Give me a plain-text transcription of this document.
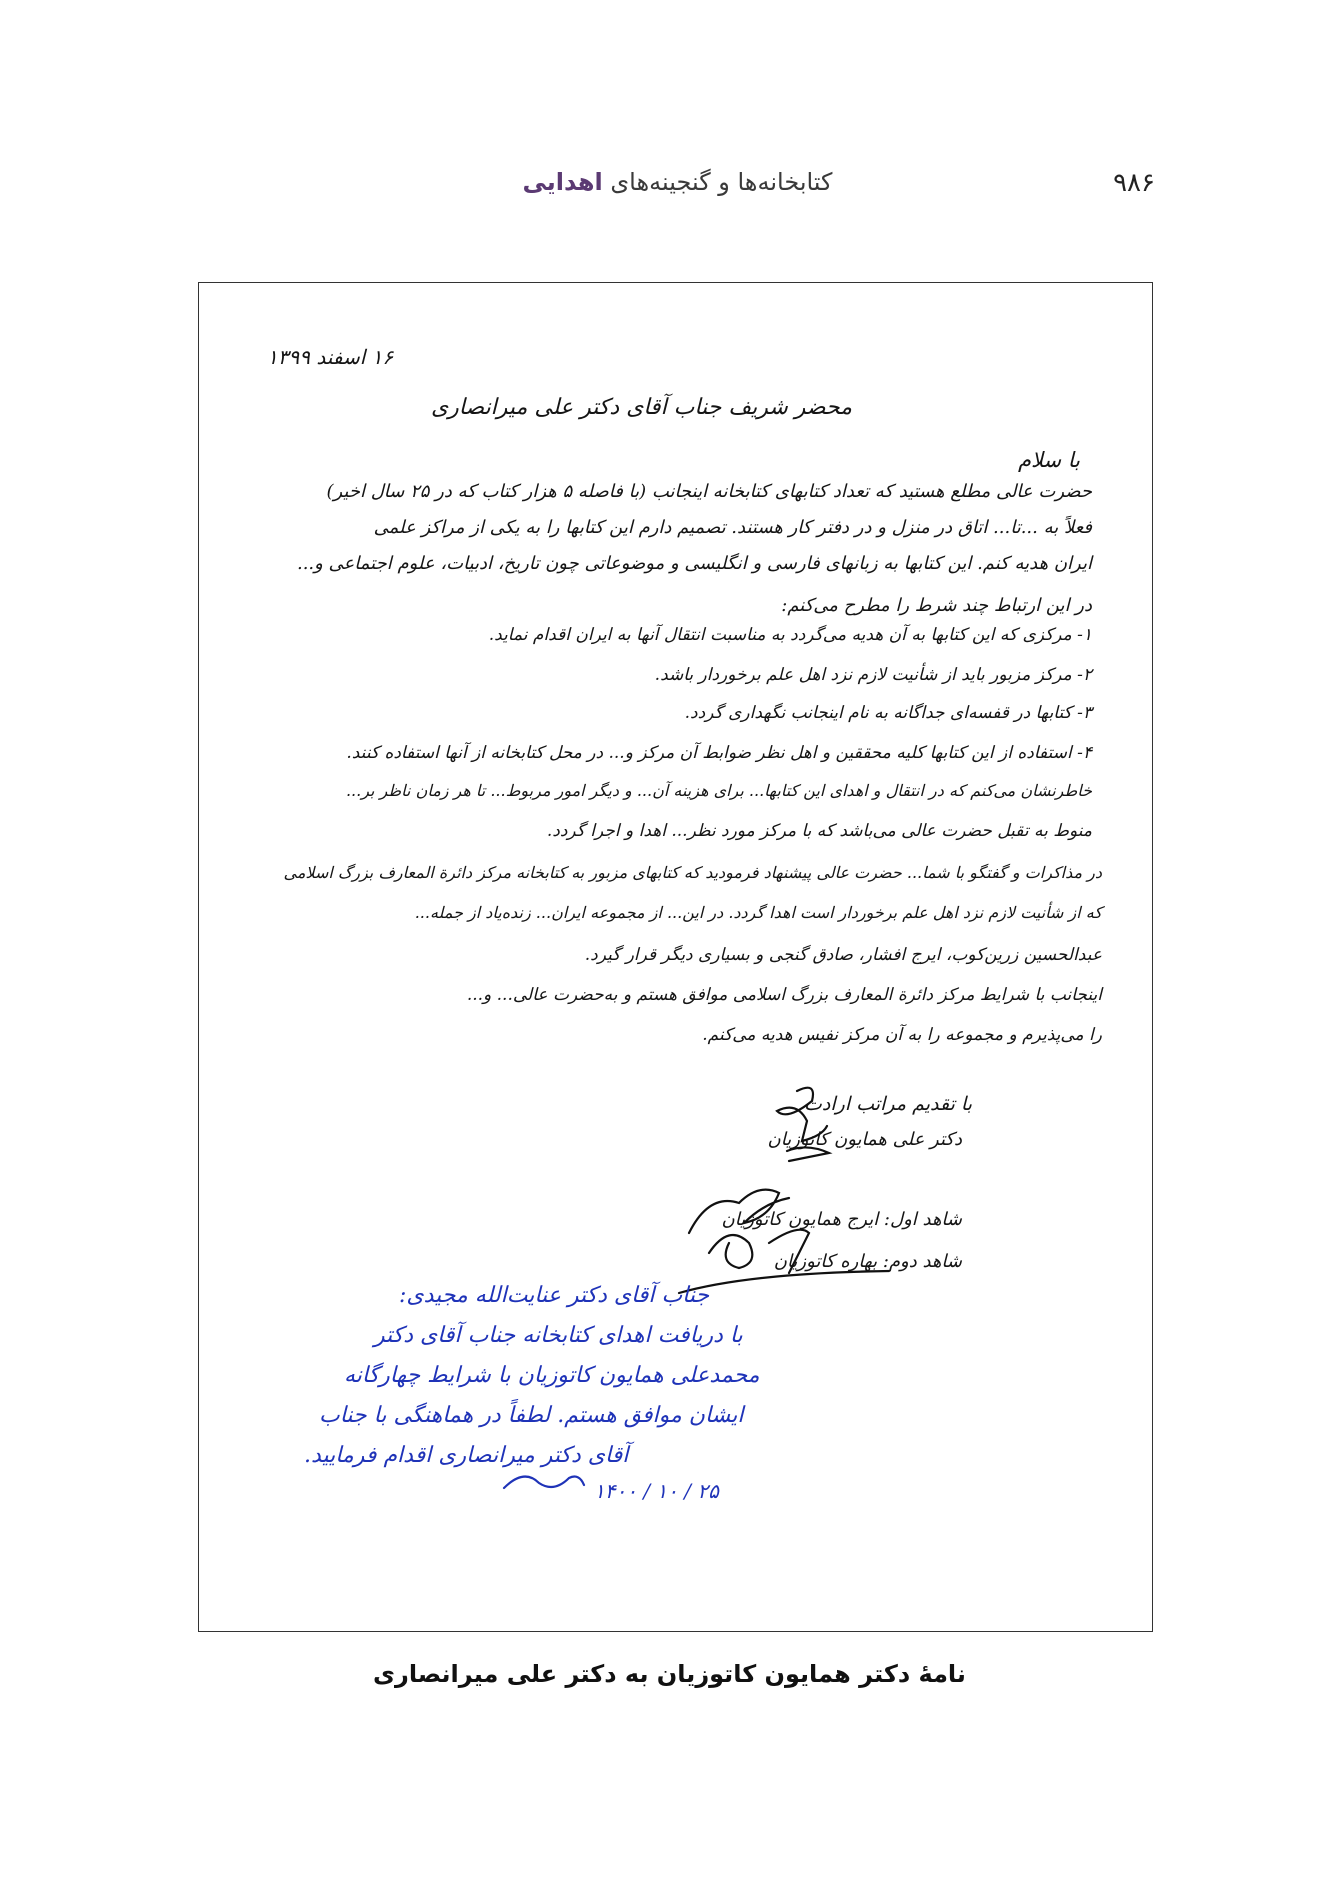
۹۸۶
کتابخانه‌ها و گنجینه‌های اهدایی
۱۶ اسفند ۱۳۹۹
محضر شریف جناب آقای دکتر علی میرانصاری
با سلام
حضرت عالی مطلع هستید که تعداد کتابهای کتابخانه اینجانب (با فاصله ۵ هزار کتاب که در ۲۵ سال اخیر)
فعلاً به ...تا... اتاق در منزل و در دفتر کار هستند. تصمیم دارم این کتابها را به یکی از مراکز علمی
ایران هدیه کنم. این کتابها به زبانهای فارسی و انگلیسی و موضوعاتی چون تاریخ، ادبیات، علوم اجتماعی و...
در این ارتباط چند شرط را مطرح می‌کنم:
۱- مرکزی که این کتابها به آن هدیه می‌گردد به مناسبت انتقال آنها به ایران اقدام نماید.
۲- مرکز مزبور باید از شأنیت لازم نزد اهل علم برخوردار باشد.
۳- کتابها در قفسه‌ای جداگانه به نام اینجانب نگهداری گردد.
۴- استفاده از این کتابها کلیه محققین و اهل نظر ضوابط آن مرکز و... در محل کتابخانه از آنها استفاده کنند.
خاطرنشان می‌کنم که در انتقال و اهدای این کتابها... برای هزینه آن... و دیگر امور مربوط... تا هر زمان ناظر بر...
منوط به تقبل حضرت عالی می‌باشد که با مرکز مورد نظر... اهدا و اجرا گردد.
در مذاکرات و گفتگو با شما... حضرت عالی پیشنهاد فرمودید که کتابهای مزبور به کتابخانه مرکز دائرة المعارف بزرگ اسلامی
که از شأنیت لازم نزد اهل علم برخوردار است اهدا گردد. در این... از مجموعه ایران... زنده‌یاد از جمله...
عبدالحسین زرین‌کوب، ایرج افشار، صادق گنجی و بسیاری دیگر قرار گیرد.
اینجانب با شرایط مرکز دائرة المعارف بزرگ اسلامی موافق هستم و به‌حضرت عالی... و...
را می‌پذیرم و مجموعه را به آن مرکز نفیس هدیه می‌کنم.
با تقدیم مراتب ارادت
دکتر علی همایون کاتوزیان
شاهد اول: ایرج همایون کاتوزیان
شاهد دوم: بهاره کاتوزیان
جناب آقای دکتر عنایت‌الله مجیدی:
با دریافت اهدای کتابخانه جناب آقای دکتر
محمدعلی همایون کاتوزیان با شرایط چهارگانه
ایشان موافق هستم. لطفاً در هماهنگی با جناب
آقای دکتر میرانصاری اقدام فرمایید.
۲۵ / ۱۰ / ۱۴۰۰
نامهٔ دکتر همایون کاتوزیان به دکتر علی میرانصاری
